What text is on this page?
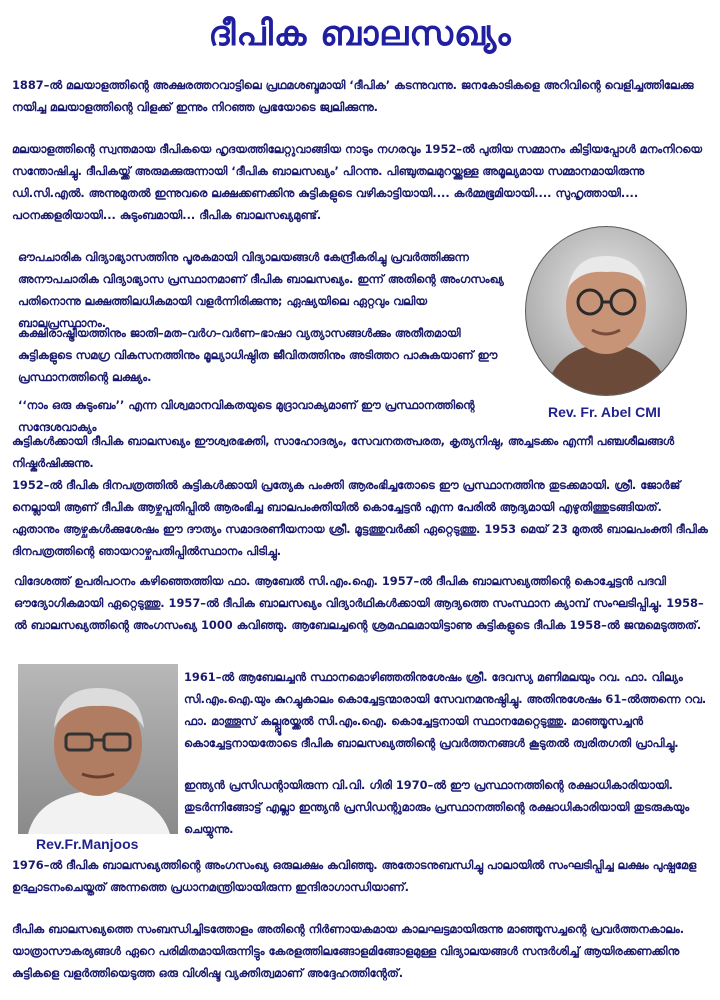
ദീപിക ബാലസഖ്യം

1887–ൽ മലയാളത്തിന്റെ അക്ഷരത്തറവാട്ടിലെ പ്രഥമശബ്ദമായി ‘ദീപിക’ കടന്നുവന്നു. ജനകോടികളെ അറിവിന്റെ വെളിച്ചത്തിലേക്കു നയിച്ച മലയാളത്തിന്റെ വിളക്ക് ഇന്നും നിറഞ്ഞ പ്രഭയോടെ ജ്വലിക്കുന്നു.

മലയാളത്തിന്റെ സ്വന്തമായ ദീപികയെ ഹൃദയത്തിലേറ്റുവാങ്ങിയ നാടും നഗരവും 1952–ൽ പുതിയ സമ്മാനം കിട്ടിയപ്പോൾ മനംനിറയെ സന്തോഷിച്ചു. ദീപികയ്ക്ക് അരുമക്കുരുന്നായി ‘ദീപിക ബാലസഖ്യം’ പിറന്നു. പിഞ്ചുതലമുറയ്ക്കുള്ള അമൂല്യമായ സമ്മാനമായിരുന്നു ഡി.സി.എൽ. അന്നുമുതൽ ഇന്നുവരെ ലക്ഷക്കണക്കിനു കുട്ടികളുടെ വഴികാട്ടിയായി.... കർമ്മഭൂമിയായി.... സുഹൃത്തായി.... പഠനക്കളരിയായി... കുടുംബമായി... ദീപിക ബാലസഖ്യമുണ്ട്.

ഔപചാരിക വിദ്യാഭ്യാസത്തിനു പൂരകമായി വിദ്യാലയങ്ങൾ കേന്ദ്രീകരിച്ചു പ്രവർത്തിക്കുന്ന അനൗപചാരിക വിദ്യാഭ്യാസ പ്രസ്ഥാനമാണ് ദീപിക ബാലസഖ്യം. ഇന്ന് അതിന്റെ അംഗസംഖ്യ പതിനൊന്നു ലക്ഷത്തിലധികമായി വളർന്നിരിക്കുന്നു; ഏഷ്യയിലെ ഏറ്റവും വലിയ ബാലപ്രസ്ഥാനം.

കക്ഷിരാഷ്ട്രീയത്തിനും ജാതി–മത–വർഗ–വർണ–ഭാഷാ വ്യത്യാസങ്ങൾക്കും അതീതമായി കുട്ടികളുടെ സമഗ്ര വികസനത്തിനും മൂല്യാധിഷ്ഠിത ജീവിതത്തിനും അടിത്തറ പാകുകയാണ് ഈ പ്രസ്ഥാനത്തിന്റെ ലക്ഷ്യം.

‘‘നാം ഒരു കുടുംബം’’ എന്ന വിശ്വമാനവികതയുടെ മുദ്രാവാക്യമാണ് ഈ പ്രസ്ഥാനത്തിന്റെ സന്ദേശവാക്യം

Rev. Fr. Abel CMI

കുട്ടികൾക്കായി ദീപിക ബാലസഖ്യം ഈശ്വരഭക്തി, സാഹോദര്യം, സേവനതത്പരത, കൃത്യനിഷ്ഠ, അച്ചടക്കം എന്നീ പഞ്ചശീലങ്ങൾ നിഷ്കർഷിക്കുന്നു.

1952–ൽ ദീപിക ദിനപത്രത്തിൽ കുട്ടികൾക്കായി പ്രത്യേക പംക്തി ആരംഭിച്ചതോടെ ഈ പ്രസ്ഥാനത്തിനു തുടക്കമായി. ശ്രീ. ജോർജ് നെല്ലായി ആണ് ദീപിക ആഴ്ചപ്പതിപ്പിൽ ആരംഭിച്ച ബാലപംക്തിയിൽ കൊച്ചേട്ടൻ എന്ന പേരിൽ ആദ്യമായി എഴുതിത്തുടങ്ങിയത്. ഏതാനും ആഴ്ചകൾക്കുശേഷം ഈ ദൗത്യം സമാദരണീയനായ ശ്രീ. മൂട്ടത്തുവർക്കി ഏറ്റെടുത്തു. 1953 മെയ് 23 മുതൽ ബാലപംക്തി ദീപിക ദിനപത്രത്തിന്റെ ഞായറാഴ്ചപതിപ്പിൽസ്ഥാനം പിടിച്ചു.

വിദേശത്ത് ഉപരിപഠനം കഴിഞ്ഞെത്തിയ ഫാ. ആബേൽ സി.എം.ഐ. 1957–ൽ ദീപിക ബാലസഖ്യത്തിന്റെ കൊച്ചേട്ടൻ പദവി ഔദ്യോഗികമായി ഏറ്റെടുത്തു. 1957–ൽ ദീപിക ബാലസഖ്യം വിദ്യാർഥികൾക്കായി ആദ്യത്തെ സംസ്ഥാന ക്യാമ്പ് സംഘടിപ്പിച്ചു. 1958–ൽ ബാലസഖ്യത്തിന്റെ അംഗസംഖ്യ 1000 കവിഞ്ഞു. ആബേലച്ചന്റെ ശ്രമഫലമായിട്ടാണു കുട്ടികളുടെ ദീപിക 1958–ൽ ജന്മമെടുത്തത്.

Rev.Fr.Manjoos

1961–ൽ ആബേലച്ചൻ സ്ഥാനമൊഴിഞ്ഞതിനുശേഷം ശ്രീ. ദേവസ്യ മണിമലയും റവ. ഫാ. വില്യം സി.എം.ഐ.യും കുറച്ചുകാലം കൊച്ചേട്ടന്മാരായി സേവനമനുഷ്ഠിച്ചു. അതിനുശേഷം 61–ൽത്തന്നെ റവ. ഫാ. മാത്തൂസ് കല്പ്പൂരയ്ക്കൽ സി.എം.ഐ. കൊച്ചേട്ടനായി സ്ഥാനമേറ്റെടുത്തു. മാഞ്ഞൂസച്ചൻ കൊച്ചേട്ടനായതോടെ ദീപിക ബാലസഖ്യത്തിന്റെ പ്രവർത്തനങ്ങൾ കൂടുതൽ ത്വരിതഗതി പ്രാപിച്ചു.

ഇന്ത്യൻ പ്രസിഡന്റായിരുന്ന വി.വി. ഗിരി 1970–ൽ ഈ പ്രസ്ഥാനത്തിന്റെ രക്ഷാധികാരിയായി. തുടർന്നിങ്ങോട്ട് എല്ലാ ഇന്ത്യൻ പ്രസിഡന്റുമാരും പ്രസ്ഥാനത്തിന്റെ രക്ഷാധികാരിയായി തുടരുകയും ചെയ്യുന്നു.

1976–ൽ ദീപിക ബാലസഖ്യത്തിന്റെ അംഗസംഖ്യ ഒരുലക്ഷം കവിഞ്ഞു. അതോടനുബന്ധിച്ചു പാലായിൽ സംഘടിപ്പിച്ച ലക്ഷം പുഷ്പമേള ഉദ്ഘാടനംചെയ്തത് അന്നത്തെ പ്രധാനമന്ത്രിയായിരുന്ന ഇന്ദിരാഗാന്ധിയാണ്.

ദീപിക ബാലസഖ്യത്തെ സംബന്ധിച്ചിടത്തോളം അതിന്റെ നിർണായകമായ കാലഘട്ടമായിരുന്നു മാഞ്ഞൂസച്ചന്റെ പ്രവർത്തനകാലം. യാത്രാസൗകര്യങ്ങൾ ഏറെ പരിമിതമായിരുന്നിട്ടും കേരളത്തിലങ്ങോളമിങ്ങോളമുള്ള വിദ്യാലയങ്ങൾ സന്ദർശിച്ച് ആയിരക്കണക്കിനു കുട്ടികളെ വളർത്തിയെടുത്ത ഒരു വിശിഷ്ട വ്യക്തിത്വമാണ് അദ്ദേഹത്തിന്റേത്.
